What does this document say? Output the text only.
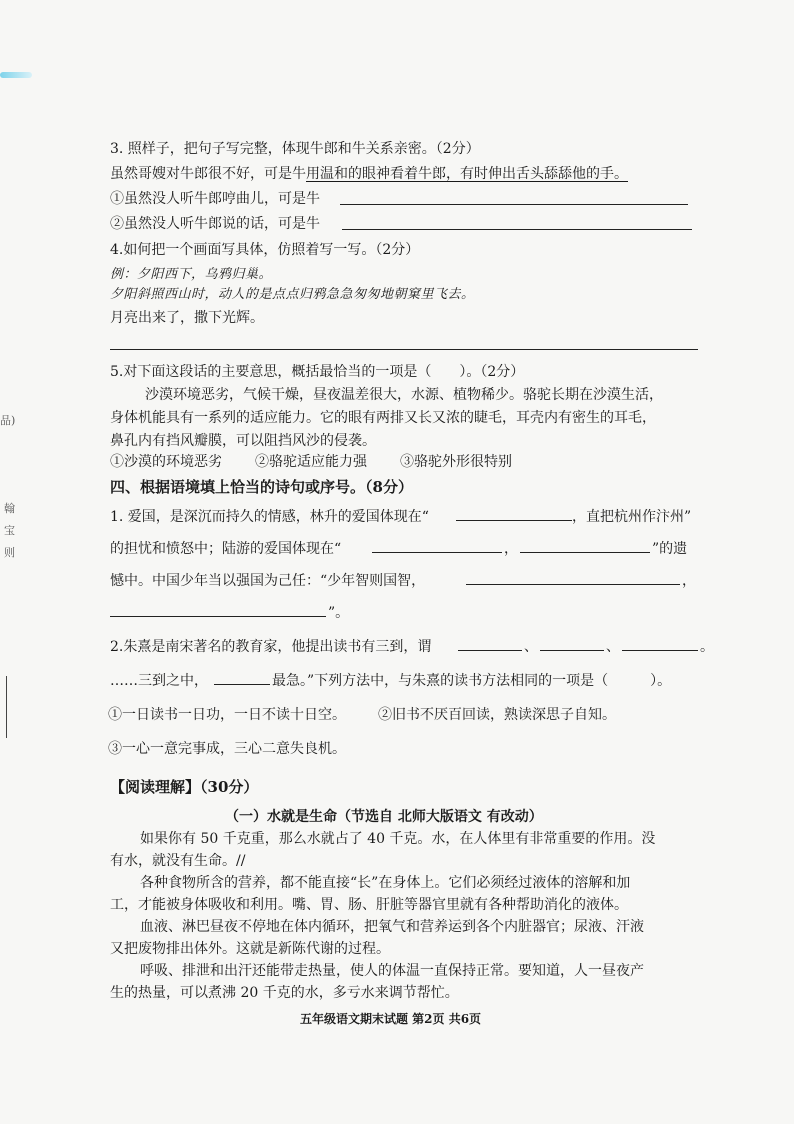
品)
翰
宝
则
3. 照样子，把句子写完整，体现牛郎和牛关系亲密。（2分）
虽然哥嫂对牛郎很不好，可是牛用温和的眼神看着牛郎，有时伸出舌头舔舔他的手。
①虽然没人听牛郎哼曲儿，可是牛
②虽然没人听牛郎说的话，可是牛
4.如何把一个画面写具体，仿照着写一写。（2分）
例：夕阳西下，乌鸦归巢。
夕阳斜照西山时，动人的是点点归鸦急急匆匆地朝窠里飞去。
月亮出来了，撒下光辉。
5.对下面这段话的主要意思，概括最恰当的一项是（　　）。（2分）
沙漠环境恶劣，气候干燥，昼夜温差很大，水源、植物稀少。骆驼长期在沙漠生活，
身体机能具有一系列的适应能力。它的眼有两排又长又浓的睫毛，耳壳内有密生的耳毛，
鼻孔内有挡风瓣膜，可以阻挡风沙的侵袭。
①沙漠的环境恶劣 ②骆驼适应能力强 ③骆驼外形很特别
四、根据语境填上恰当的诗句或序号。（8分）
1. 爱国，是深沉而持久的情感，林升的爱国体现在“	，直把杭州作汴州”
的担忧和愤怒中；陆游的爱国体现在“	，	”的遗
憾中。中国少年当以强国为己任：“少年智则国智，	，
”。
2.朱熹是南宋著名的教育家，他提出读书有三到，谓	、	、	。
……三到之中，	最急。”下列方法中，与朱熹的读书方法相同的一项是（　　　）。
①一日读书一日功，一日不读十日空。 ②旧书不厌百回读，熟读深思子自知。
③一心一意完事成，三心二意失良机。
【阅读理解】（30分）
（一）水就是生命（节选自 北师大版语文 有改动）
如果你有 50 千克重，那么水就占了 40 千克。水，在人体里有非常重要的作用。没
有水，就没有生命。//
各种食物所含的营养，都不能直接“长”在身体上。它们必须经过液体的溶解和加
工，才能被身体吸收和利用。嘴、胃、肠、肝脏等器官里就有各种帮助消化的液体。
血液、淋巴昼夜不停地在体内循环，把氧气和营养运到各个内脏器官；尿液、汗液
又把废物排出体外。这就是新陈代谢的过程。
呼吸、排泄和出汗还能带走热量，使人的体温一直保持正常。要知道，人一昼夜产
生的热量，可以煮沸 20 千克的水，多亏水来调节帮忙。
五年级语文期末试题 第2页 共6页
